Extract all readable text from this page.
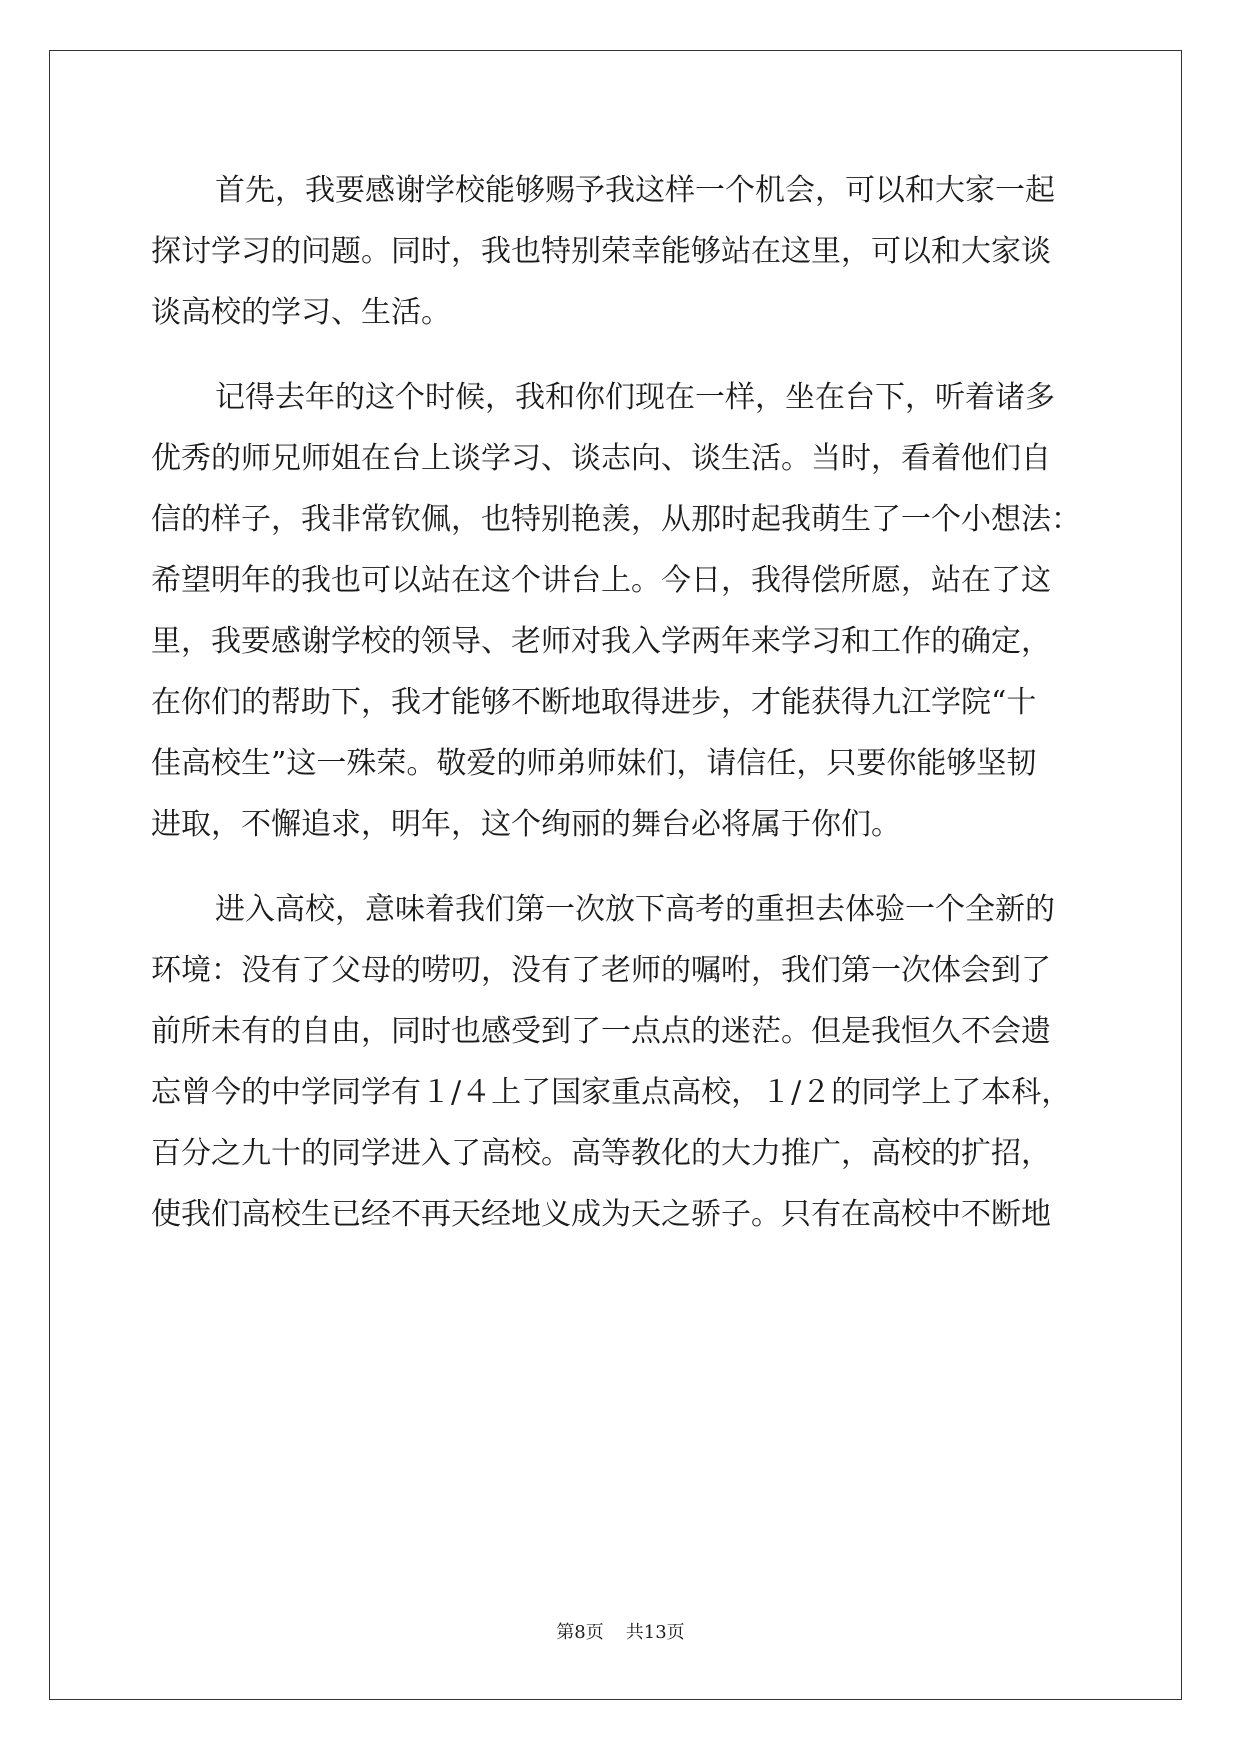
首先，我要感谢学校能够赐予我这样一个机会，可以和大家一起
探讨学习的问题。同时，我也特别荣幸能够站在这里，可以和大家谈
谈高校的学习、生活。
记得去年的这个时候，我和你们现在一样，坐在台下，听着诸多
优秀的师兄师姐在台上谈学习、谈志向、谈生活。当时，看着他们自
信的样子，我非常钦佩，也特别艳羡，从那时起我萌生了一个小想法：
希望明年的我也可以站在这个讲台上。今日，我得偿所愿，站在了这
里，我要感谢学校的领导、老师对我入学两年来学习和工作的确定，
在你们的帮助下，我才能够不断地取得进步，才能获得九江学院“十
佳高校生”这一殊荣。敬爱的师弟师妹们，请信任，只要你能够坚韧
进取，不懈追求，明年，这个绚丽的舞台必将属于你们。
进入高校，意味着我们第一次放下高考的重担去体验一个全新的
环境：没有了父母的唠叨，没有了老师的嘱咐，我们第一次体会到了
前所未有的自由，同时也感受到了一点点的迷茫。但是我恒久不会遗
忘曾今的中学同学有１/４上了国家重点高校，１/２的同学上了本科，
百分之九十的同学进入了高校。高等教化的大力推广，高校的扩招，
使我们高校生已经不再天经地义成为天之骄子。只有在高校中不断地
第8页 共13页
